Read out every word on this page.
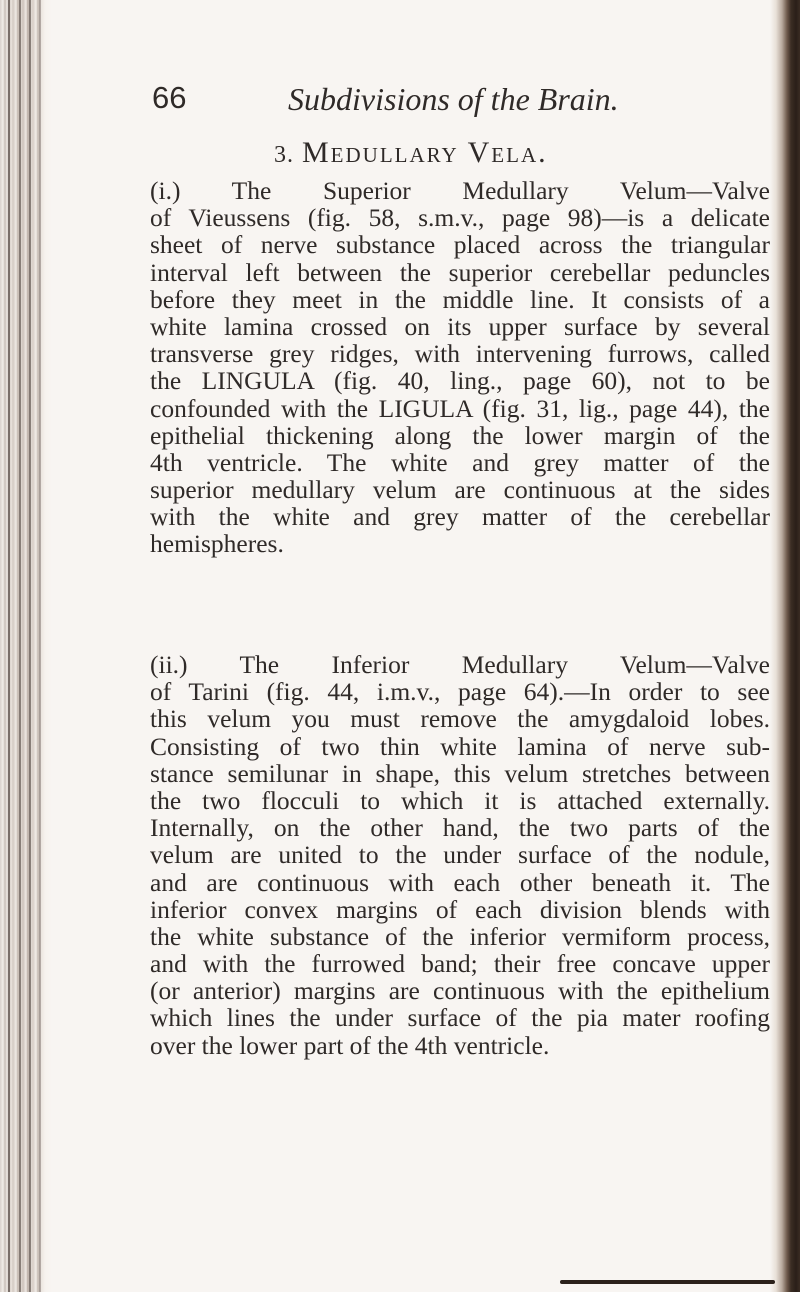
66	Subdivisions of the Brain.
3. Medullary Vela.
(i.) The Superior Medullary Velum—Valve
of Vieussens (fig. 58, s.m.v., page 98)—is a delicate
sheet of nerve substance placed across the triangular
interval left between the superior cerebellar peduncles
before they meet in the middle line. It consists of a
white lamina crossed on its upper surface by several
transverse grey ridges, with intervening furrows, called
the LINGULA (fig. 40, ling., page 60), not to be
confounded with the LIGULA (fig. 31, lig., page 44), the
epithelial thickening along the lower margin of the
4th ventricle. The white and grey matter of the
superior medullary velum are continuous at the sides
with the white and grey matter of the cerebellar
hemispheres.
(ii.) The Inferior Medullary Velum—Valve
of Tarini (fig. 44, i.m.v., page 64).—In order to see
this velum you must remove the amygdaloid lobes.
Consisting of two thin white lamina of nerve sub-
stance semilunar in shape, this velum stretches between
the two flocculi to which it is attached externally.
Internally, on the other hand, the two parts of the
velum are united to the under surface of the nodule,
and are continuous with each other beneath it. The
inferior convex margins of each division blends with
the white substance of the inferior vermiform process,
and with the furrowed band; their free concave upper
(or anterior) margins are continuous with the epithelium
which lines the under surface of the pia mater roofing
over the lower part of the 4th ventricle.
